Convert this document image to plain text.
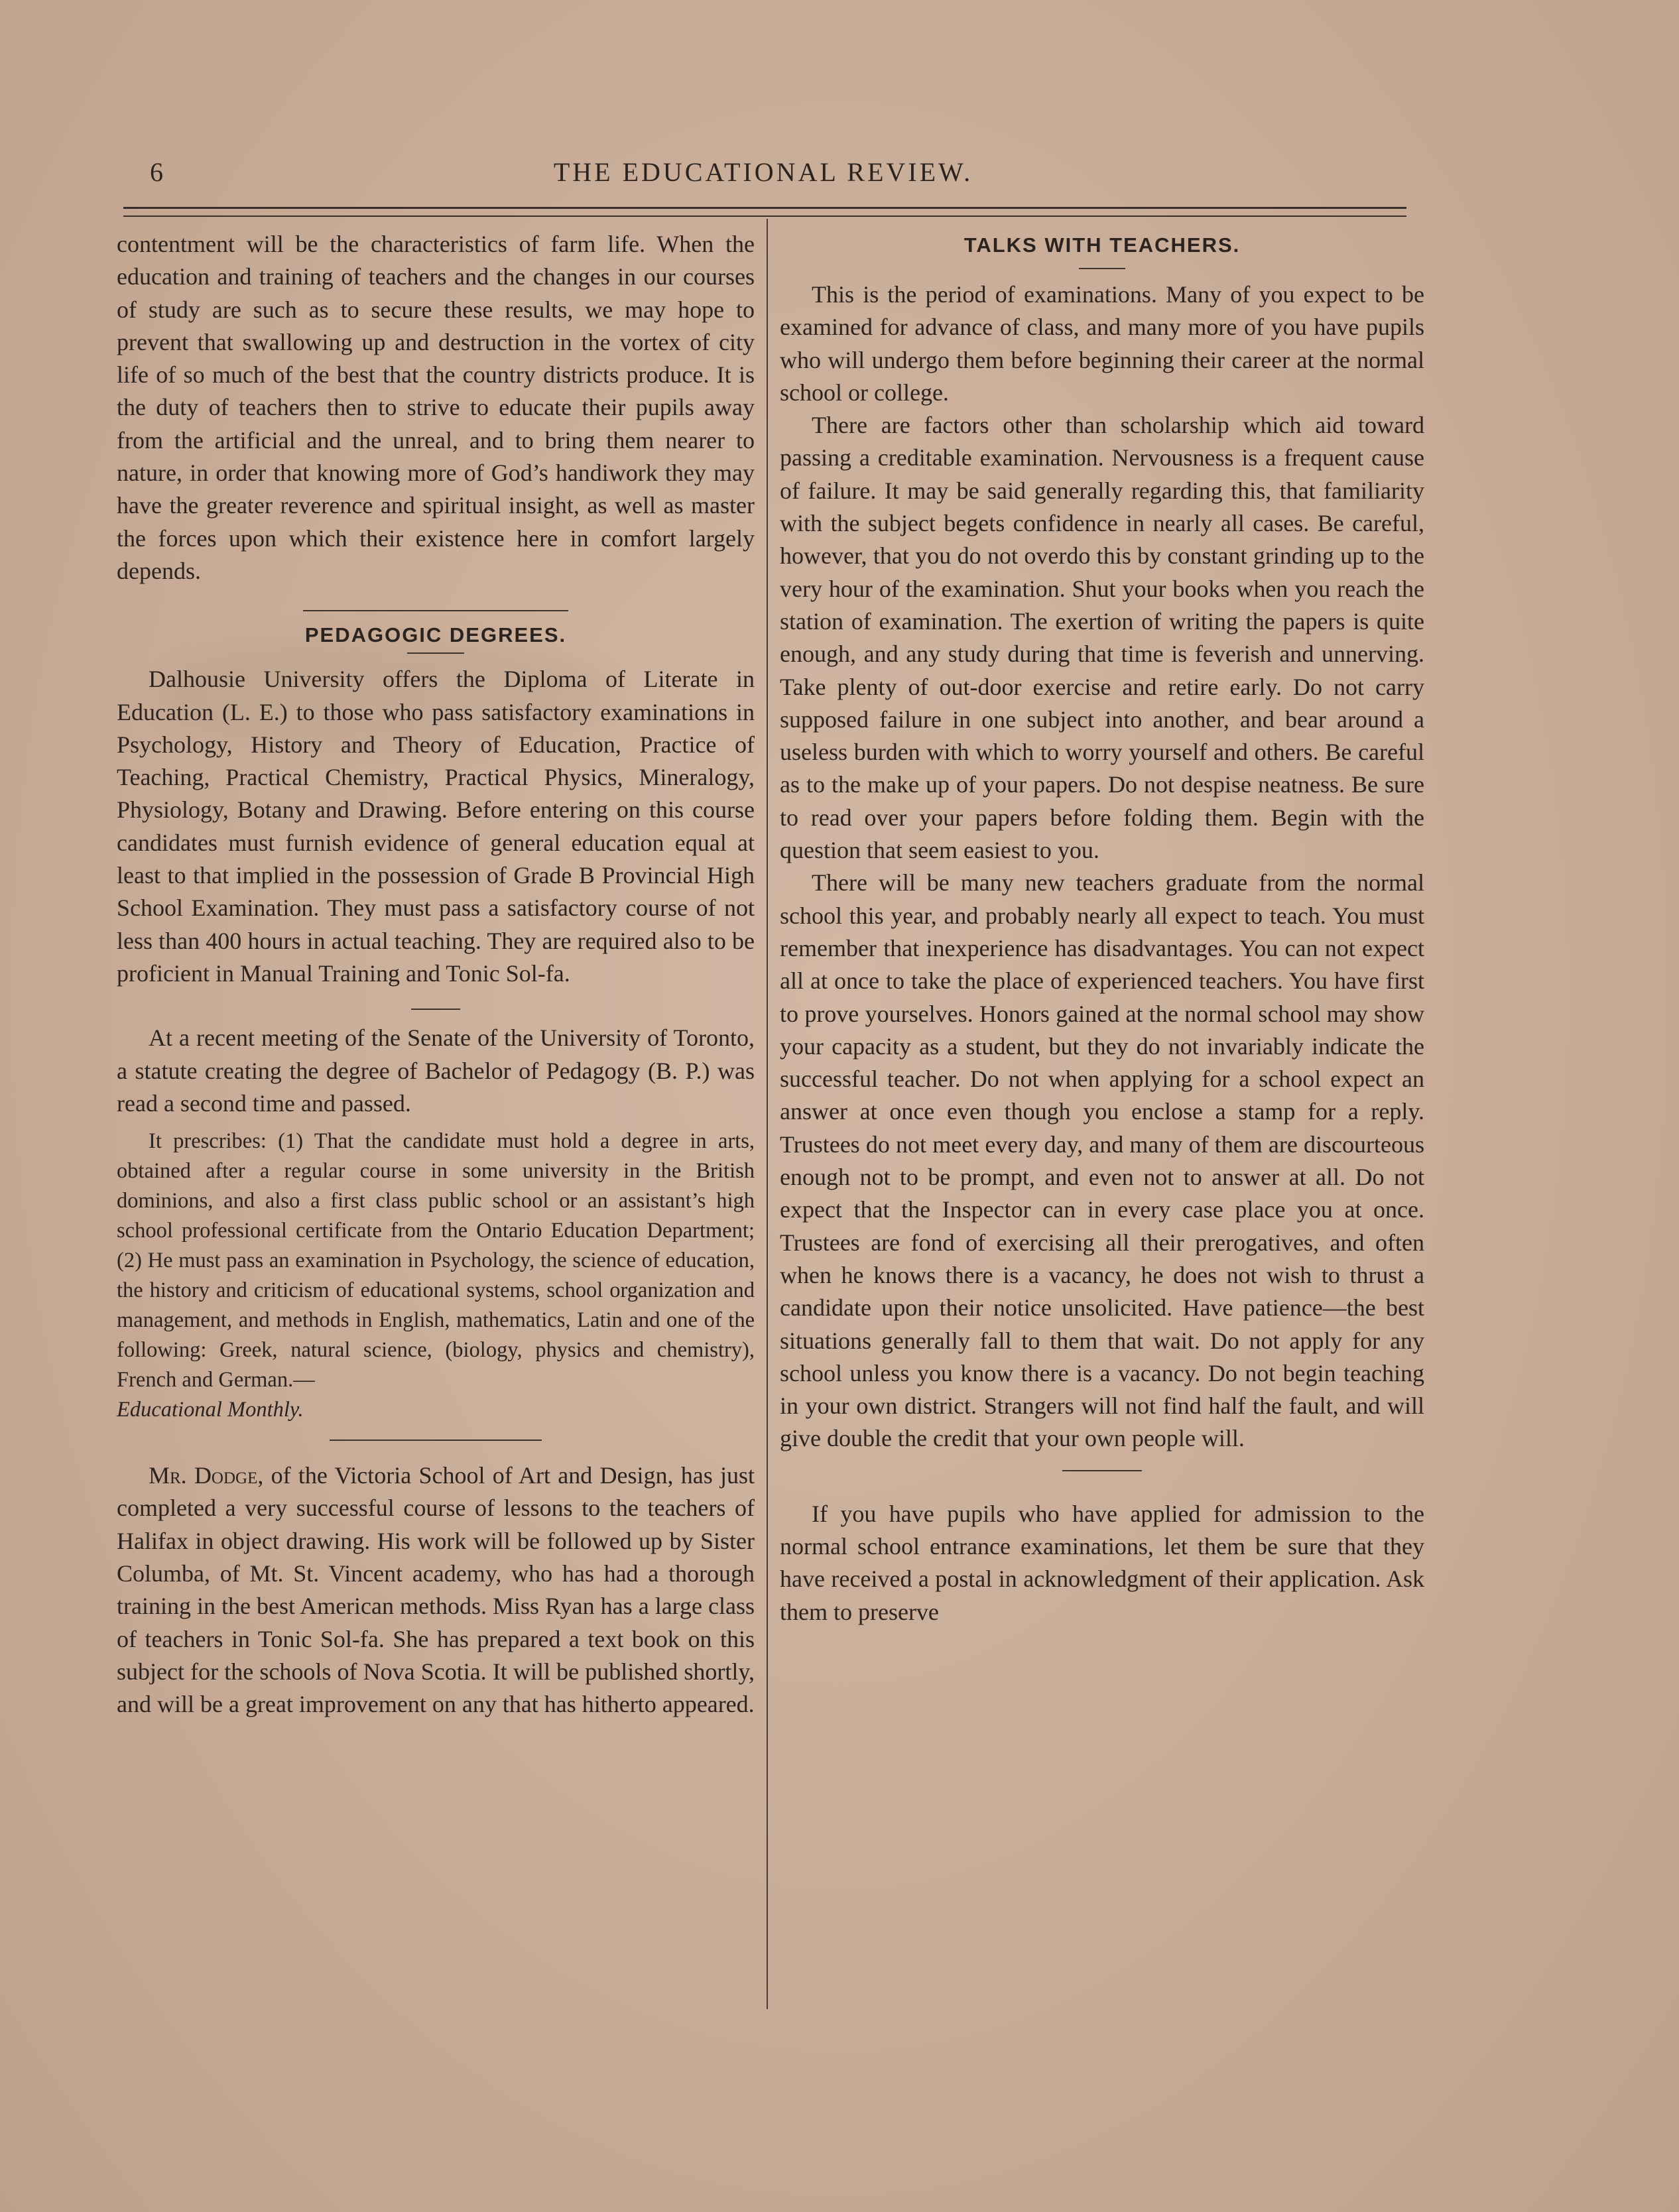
6	THE EDUCATIONAL REVIEW.

contentment will be the characteristics of farm life. When the education and training of teachers and the changes in our courses of study are such as to secure these results, we may hope to prevent that swallowing up and destruction in the vortex of city life of so much of the best that the country districts produce. It is the duty of teachers then to strive to educate their pupils away from the artificial and the unreal, and to bring them nearer to nature, in order that knowing more of God’s handiwork they may have the greater reverence and spiritual insight, as well as master the forces upon which their existence here in comfort largely depends.

PEDAGOGIC DEGREES.

Dalhousie University offers the Diploma of Literate in Education (L. E.) to those who pass satisfactory examinations in Psychology, History and Theory of Education, Practice of Teaching, Practical Chemistry, Practical Physics, Mineralogy, Physiology, Botany and Drawing. Before entering on this course candidates must furnish evidence of general education equal at least to that implied in the possession of Grade B Provincial High School Examination. They must pass a satisfactory course of not less than 400 hours in actual teaching. They are required also to be proficient in Manual Training and Tonic Sol-fa.

At a recent meeting of the Senate of the University of Toronto, a statute creating the degree of Bachelor of Pedagogy (B. P.) was read a second time and passed.

It prescribes: (1) That the candidate must hold a degree in arts, obtained after a regular course in some university in the British dominions, and also a first class public school or an assistant’s high school professional certificate from the Ontario Education Department; (2) He must pass an examination in Psychology, the science of education, the history and criticism of educational systems, school organization and management, and methods in English, mathematics, Latin and one of the following: Greek, natural science, (biology, physics and chemistry), French and German.—
Educational Monthly.

Mr. Dodge, of the Victoria School of Art and Design, has just completed a very successful course of lessons to the teachers of Halifax in object drawing. His work will be followed up by Sister Columba, of Mt. St. Vincent academy, who has had a thorough training in the best American methods. Miss Ryan has a large class of teachers in Tonic Sol-fa. She has prepared a text book on this subject for the schools of Nova Scotia. It will be published shortly, and will be a great improvement on any that has hitherto appeared.

TALKS WITH TEACHERS.

This is the period of examinations. Many of you expect to be examined for advance of class, and many more of you have pupils who will undergo them before beginning their career at the normal school or college.

There are factors other than scholarship which aid toward passing a creditable examination. Nervousness is a frequent cause of failure. It may be said generally regarding this, that familiarity with the subject begets confidence in nearly all cases. Be careful, however, that you do not overdo this by constant grinding up to the very hour of the examination. Shut your books when you reach the station of examination. The exertion of writing the papers is quite enough, and any study during that time is feverish and unnerving. Take plenty of out-door exercise and retire early. Do not carry supposed failure in one subject into another, and bear around a useless burden with which to worry yourself and others. Be careful as to the make up of your papers. Do not despise neatness. Be sure to read over your papers before folding them. Begin with the question that seem easiest to you.

There will be many new teachers graduate from the normal school this year, and probably nearly all expect to teach. You must remember that inexperience has disadvantages. You can not expect all at once to take the place of experienced teachers. You have first to prove yourselves. Honors gained at the normal school may show your capacity as a student, but they do not invariably indicate the successful teacher. Do not when applying for a school expect an answer at once even though you enclose a stamp for a reply. Trustees do not meet every day, and many of them are discourteous enough not to be prompt, and even not to answer at all. Do not expect that the Inspector can in every case place you at once. Trustees are fond of exercising all their prerogatives, and often when he knows there is a vacancy, he does not wish to thrust a candidate upon their notice unsolicited. Have patience—the best situations generally fall to them that wait. Do not apply for any school unless you know there is a vacancy. Do not begin teaching in your own district. Strangers will not find half the fault, and will give double the credit that your own people will.

If you have pupils who have applied for admission to the normal school entrance examinations, let them be sure that they have received a postal in acknowledgment of their application. Ask them to preserve
